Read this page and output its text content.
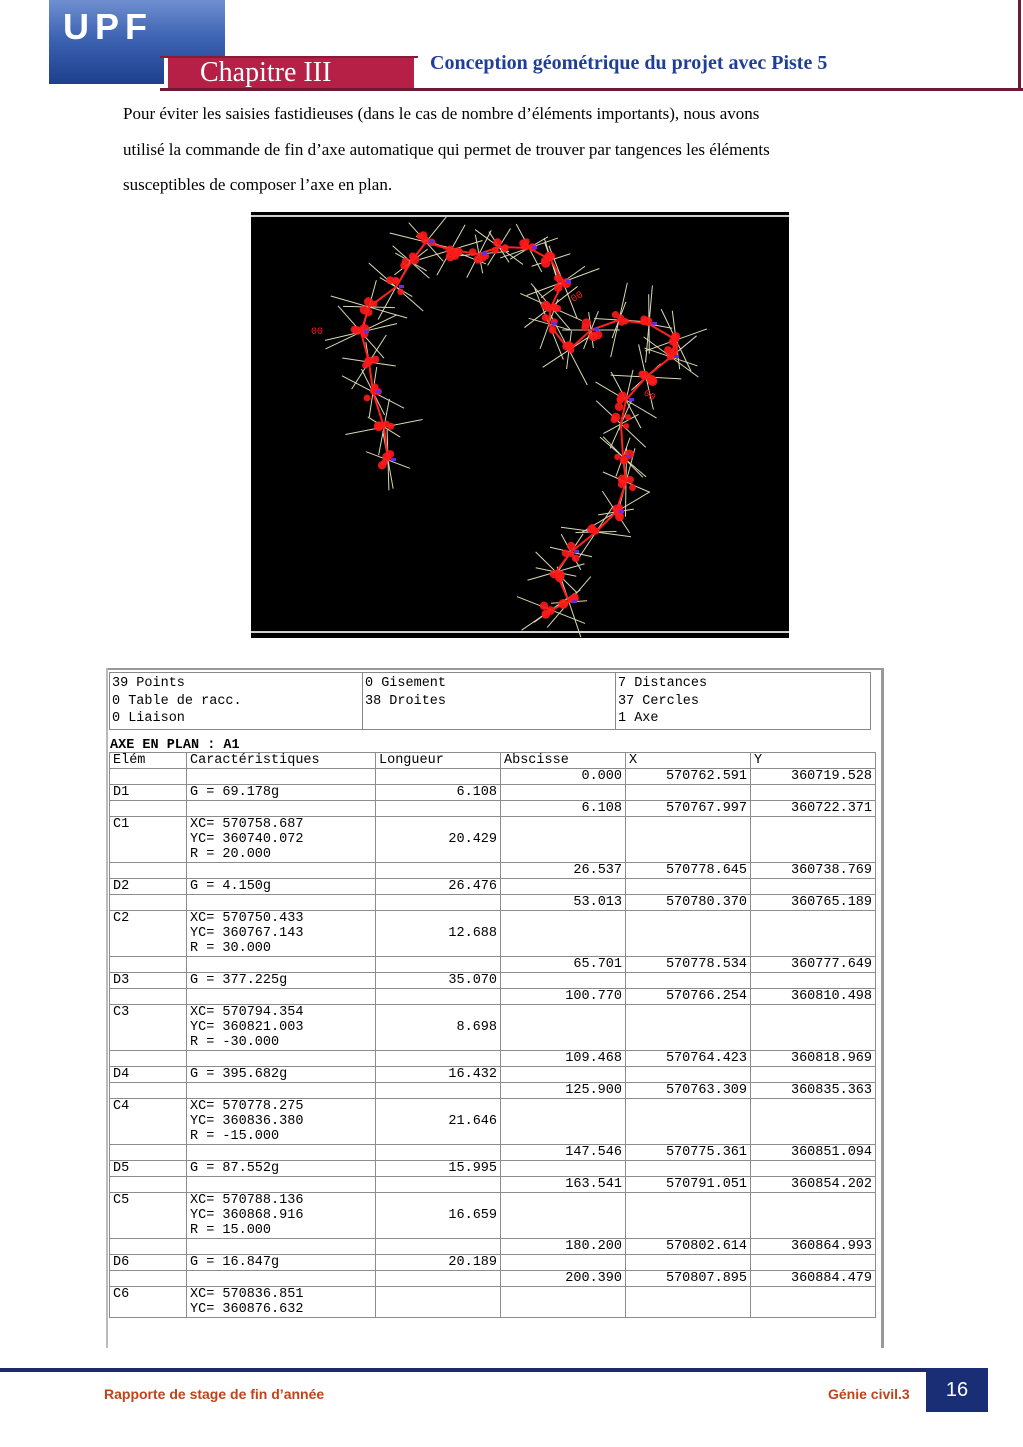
UPF
Chapitre III	Conception géométrique du projet avec Piste 5
Pour éviter les saisies fastidieuses (dans le cas de nombre d’éléments importants), nous avons
utilisé la commande de fin d’axe automatique qui permet de trouver par tangences les éléments
susceptibles de composer l’axe en plan.
00
00
00
39 Points
0 Table de racc.
0 Liaison
0 Gisement
38 Droites
7 Distances
37 Cercles
1 Axe
AXE EN PLAN : A1
Elém	Caractéristiques	Longueur	Abscisse	X	Y
			0.000	570762.591	360719.528
D1	G = 69.178g	6.108			
			6.108	570767.997	360722.371
C1	XC= 570758.687
YC= 360740.072
R = 20.000	20.429			
			26.537	570778.645	360738.769
D2	G = 4.150g	26.476			
			53.013	570780.370	360765.189
C2	XC= 570750.433
YC= 360767.143
R = 30.000	12.688			
			65.701	570778.534	360777.649
D3	G = 377.225g	35.070			
			100.770	570766.254	360810.498
C3	XC= 570794.354
YC= 360821.003
R = -30.000	8.698			
			109.468	570764.423	360818.969
D4	G = 395.682g	16.432			
			125.900	570763.309	360835.363
C4	XC= 570778.275
YC= 360836.380
R = -15.000	21.646			
			147.546	570775.361	360851.094
D5	G = 87.552g	15.995			
			163.541	570791.051	360854.202
C5	XC= 570788.136
YC= 360868.916
R = 15.000	16.659			
			180.200	570802.614	360864.993
D6	G = 16.847g	20.189			
			200.390	570807.895	360884.479
C6	XC= 570836.851
YC= 360876.632				
Rapporte de stage de fin d’année	Génie civil.3	16
